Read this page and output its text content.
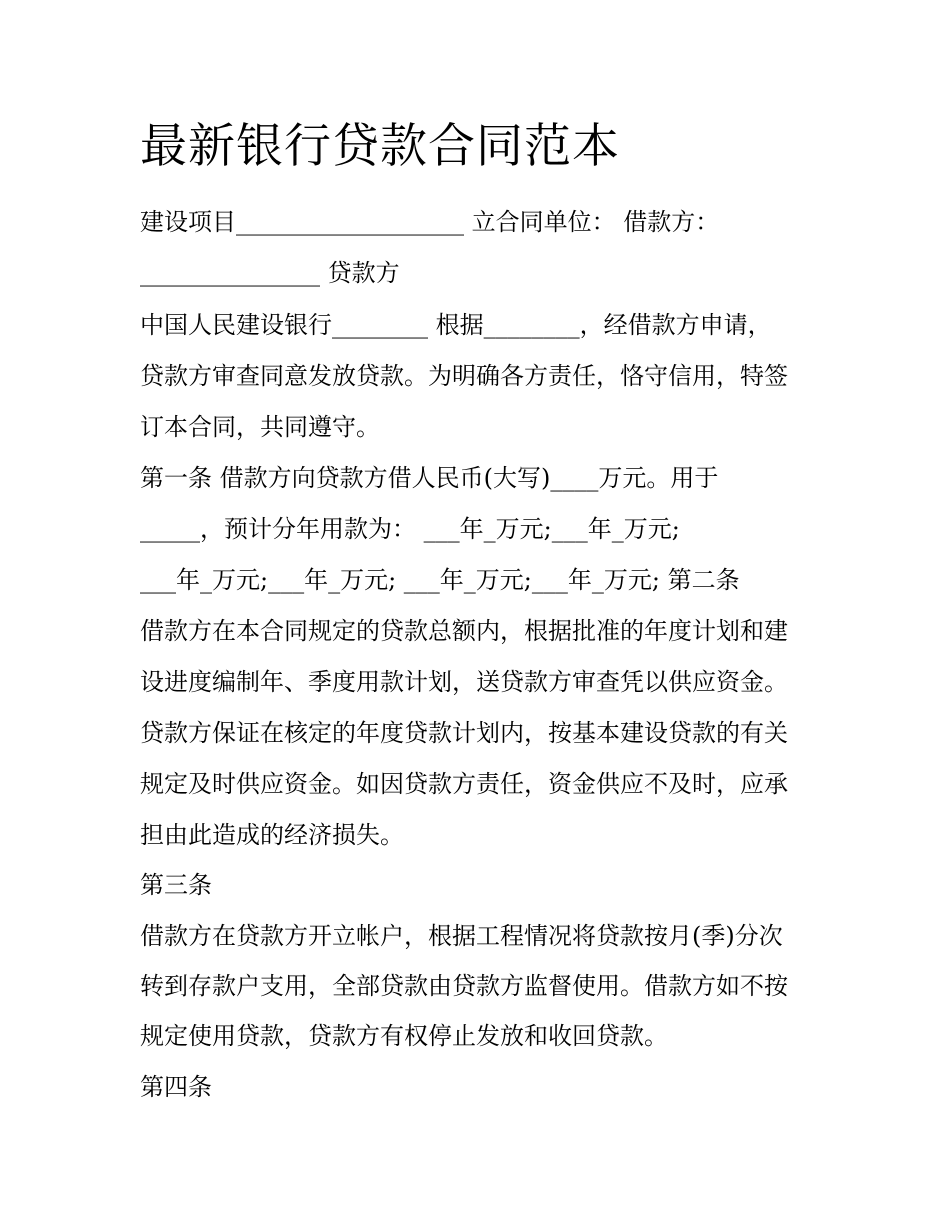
最新银行贷款合同范本

建设项目___________________ 立合同单位： 借款方：

_______________ 贷款方

中国人民建设银行________ 根据________，经借款方申请，

贷款方审查同意发放贷款。为明确各方责任，恪守信用，特签

订本合同，共同遵守。

第一条 借款方向贷款方借人民币(大写)____万元。用于

_____，预计分年用款为： ___年_万元;___年_万元;

___年_万元;___年_万元; ___年_万元;___年_万元; 第二条

借款方在本合同规定的贷款总额内，根据批准的年度计划和建

设进度编制年、季度用款计划，送贷款方审查凭以供应资金。

贷款方保证在核定的年度贷款计划内，按基本建设贷款的有关

规定及时供应资金。如因贷款方责任，资金供应不及时，应承

担由此造成的经济损失。

第三条

借款方在贷款方开立帐户，根据工程情况将贷款按月(季)分次

转到存款户支用，全部贷款由贷款方监督使用。借款方如不按

规定使用贷款，贷款方有权停止发放和收回贷款。

第四条
